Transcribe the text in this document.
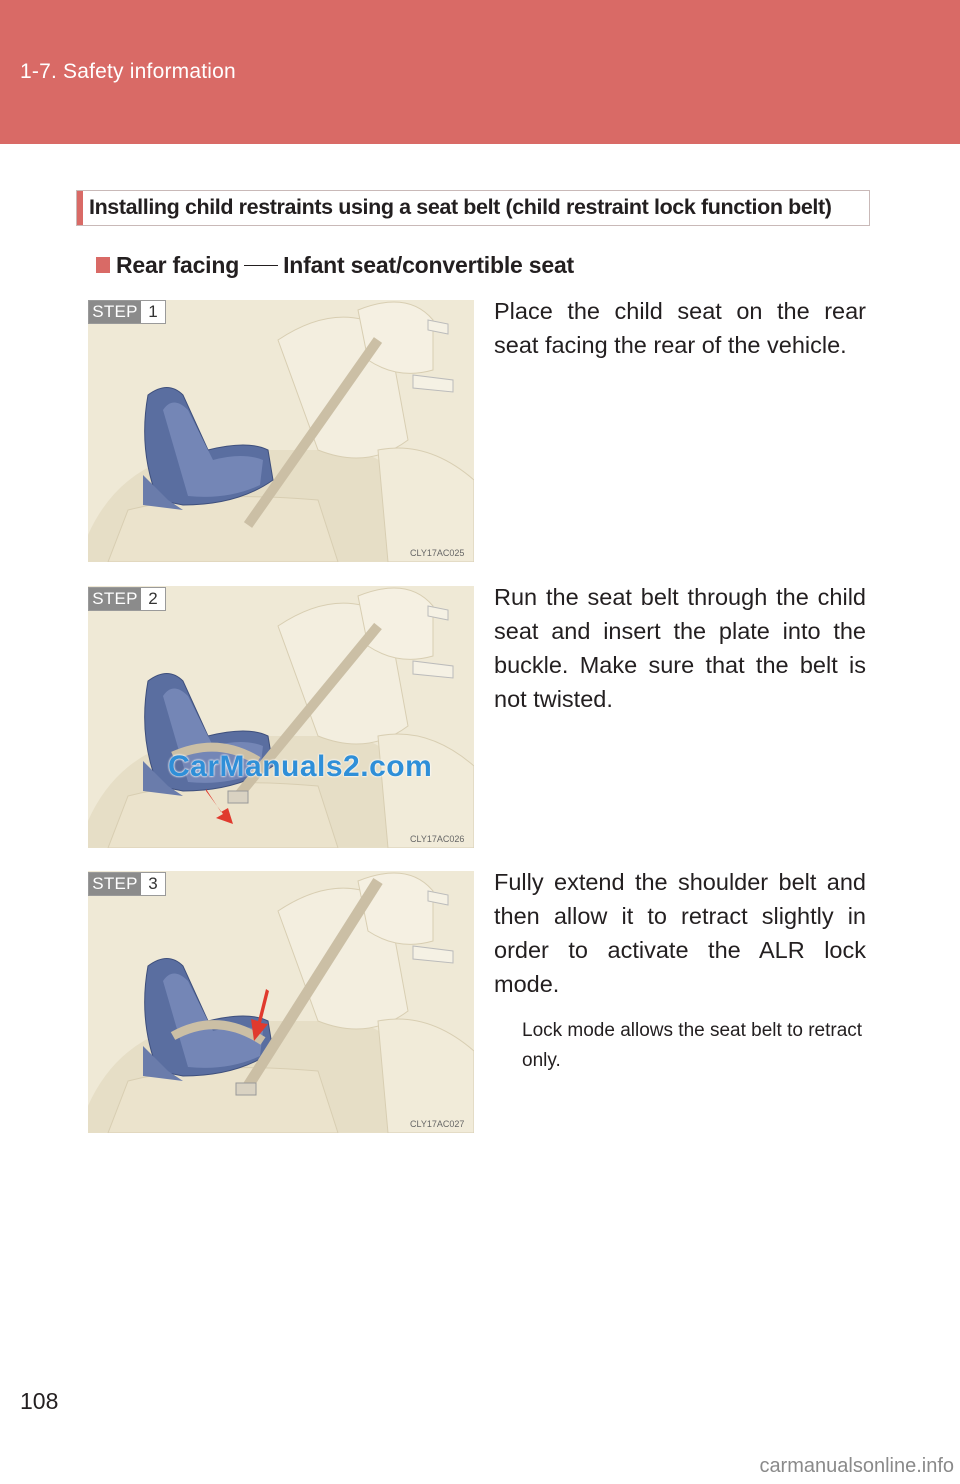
1-7. Safety information
Installing child restraints using a seat belt (child restraint lock function belt)
Rear facing Infant seat/convertible seat
STEP 1
CLY17AC025
Place the child seat on the rear seat facing the rear of the vehicle.
STEP 2
CLY17AC026
Run the seat belt through the child seat and insert the plate into the buckle. Make sure that the belt is not twisted.
CarManuals2.com
STEP 3
CLY17AC027
Fully extend the shoulder belt and then allow it to retract slightly in order to activate the ALR lock mode.
Lock mode allows the seat belt to retract only.
108
carmanualsonline.info
